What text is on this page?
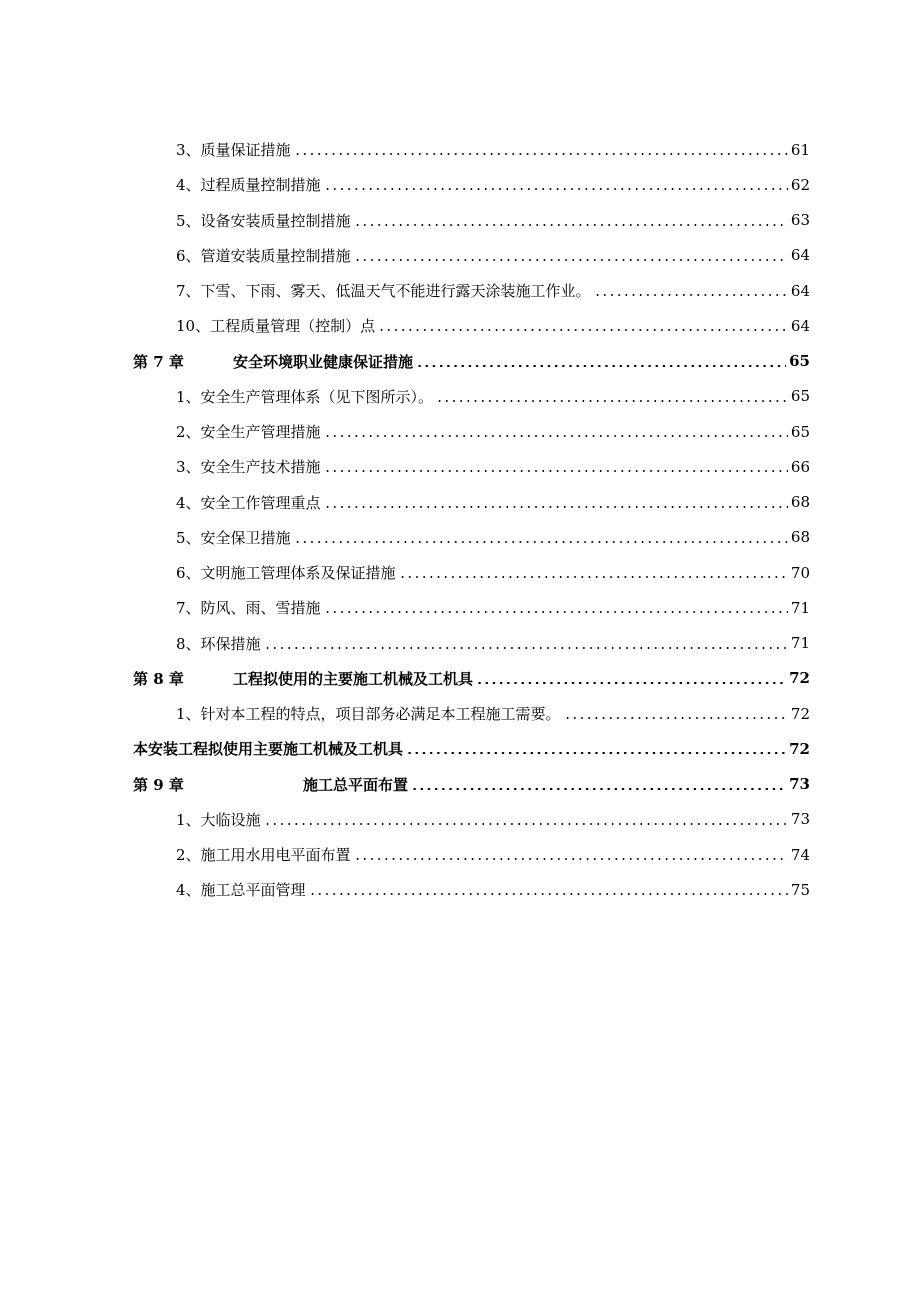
3、质量保证措施	61
4、过程质量控制措施	62
5、设备安装质量控制措施	63
6、管道安装质量控制措施	64
7、下雪、下雨、雾天、低温天气不能进行露天涂装施工作业。	64
10、工程质量管理（控制）点	64
第 7 章	安全环境职业健康保证措施	65
1、安全生产管理体系（见下图所示）。	65
2、安全生产管理措施	65
3、安全生产技术措施	66
4、安全工作管理重点	68
5、安全保卫措施	68
6、文明施工管理体系及保证措施	70
7、防风、雨、雪措施	71
8、环保措施	71
第 8 章	工程拟使用的主要施工机械及工机具	72
1、针对本工程的特点，项目部务必满足本工程施工需要。	72
本安装工程拟使用主要施工机械及工机具	72
第 9 章	施工总平面布置	73
1、大临设施	73
2、施工用水用电平面布置	74
4、施工总平面管理	75
